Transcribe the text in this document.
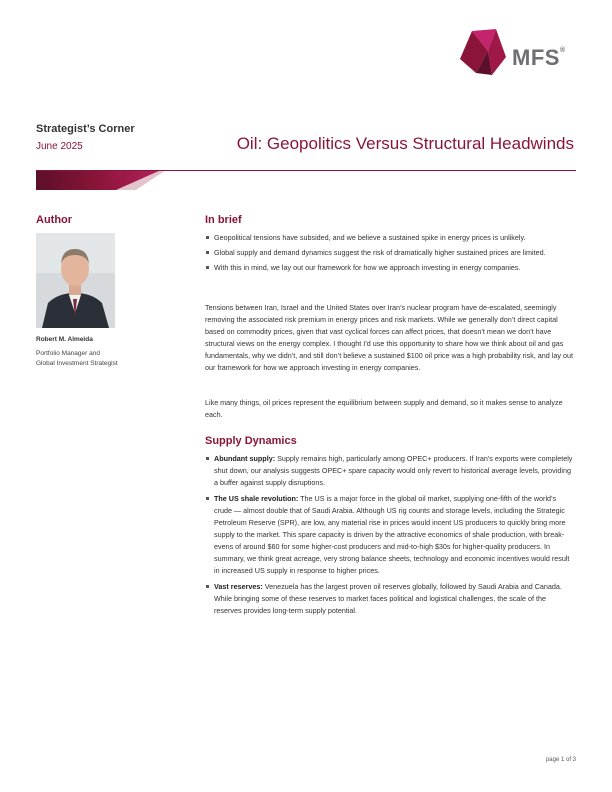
MFS®
Strategist’s Corner
June 2025	Oil: Geopolitics Versus Structural Headwinds
Author
Robert M. Almeida
Portfolio Manager and
Global Investment Strategist
In brief
Geopolitical tensions have subsided, and we believe a sustained spike in energy prices is unlikely.
Global supply and demand dynamics suggest the risk of dramatically higher sustained prices are limited.
With this in mind, we lay out our framework for how we approach investing in energy companies.

Tensions between Iran, Israel and the United States over Iran’s nuclear program have de-escalated, seemingly removing the associated risk premium in energy prices and risk markets. While we generally don’t direct capital based on commodity prices, given that vast cyclical forces can affect prices, that doesn’t mean we don’t have structural views on the energy complex. I thought I’d use this opportunity to share how we think about oil and gas fundamentals, why we didn’t, and still don’t believe a sustained $100 oil price was a high probability risk, and lay out our framework for how we approach investing in energy companies.

Like many things, oil prices represent the equilibrium between supply and demand, so it makes sense to analyze each.

Supply Dynamics
Abundant supply: Supply remains high, particularly among OPEC+ producers. If Iran’s exports were completely shut down, our analysis suggests OPEC+ spare capacity would only revert to historical average levels, providing a buffer against supply disruptions.
The US shale revolution: The US is a major force in the global oil market, supplying one-fifth of the world’s crude — almost double that of Saudi Arabia. Although US rig counts and storage levels, including the Strategic Petroleum Reserve (SPR), are low, any material rise in prices would incent US producers to quickly bring more supply to the market. This spare capacity is driven by the attractive economics of shale production, with break-evens of around $60 for some higher-cost producers and mid-to-high $30s for higher-quality producers. In summary, we think great acreage, very strong balance sheets, technology and economic incentives would result in increased US supply in response to higher prices.
Vast reserves: Venezuela has the largest proven oil reserves globally, followed by Saudi Arabia and Canada. While bringing some of these reserves to market faces political and logistical challenges, the scale of the reserves provides long-term supply potential.
page 1 of 3
